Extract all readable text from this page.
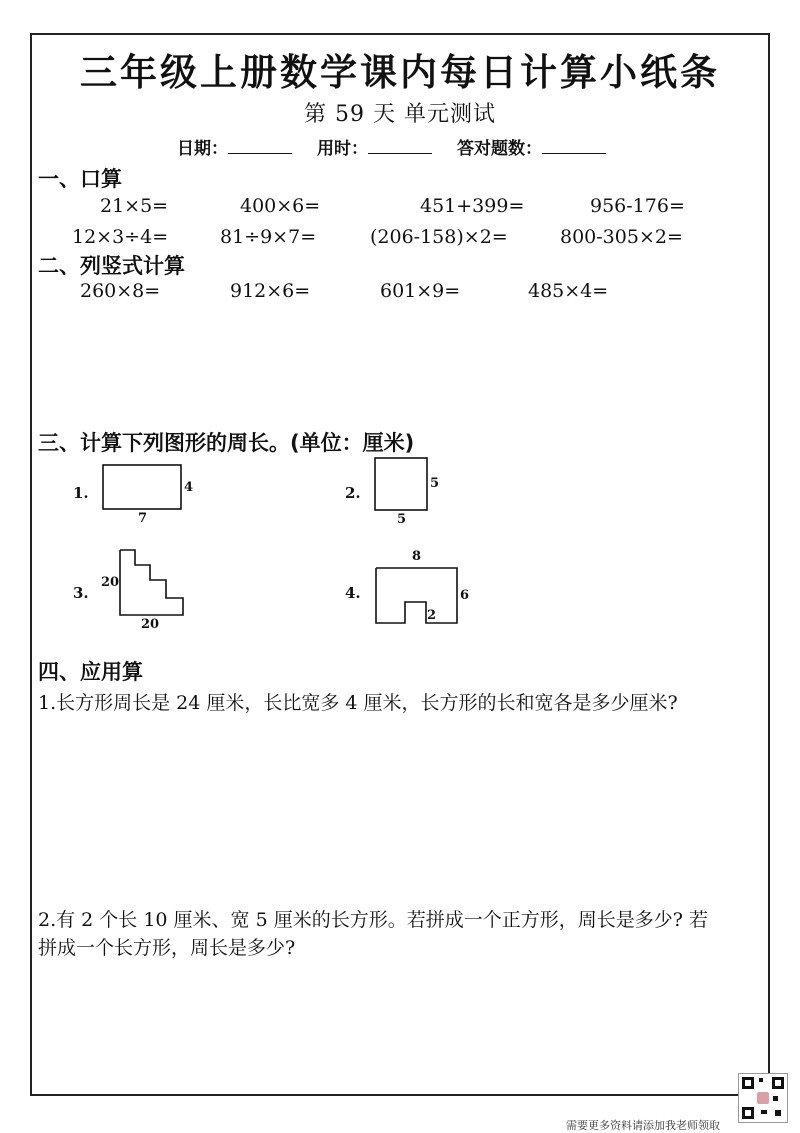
三年级上册数学课内每日计算小纸条
第 59 天 单元测试
日期：	用时：	答对题数：
一、口算
21×5=	400×6=	451+399=	956-176=
12×3÷4=	81÷9×7=	(206-158)×2=	800-305×2=
二、列竖式计算
260×8=	912×6=	601×9=	485×4=
三、计算下列图形的周长。(单位：厘米)
1.	4
7
2.
5
5
3.
20
20
4.
8
6
2
四、应用算
1.长方形周长是 24 厘米，长比宽多 4 厘米，长方形的长和宽各是多少厘米?
2.有 2 个长 10 厘米、宽 5 厘米的长方形。若拼成一个正方形，周长是多少? 若
拼成一个长方形，周长是多少?
需要更多资料请添加我老师领取
